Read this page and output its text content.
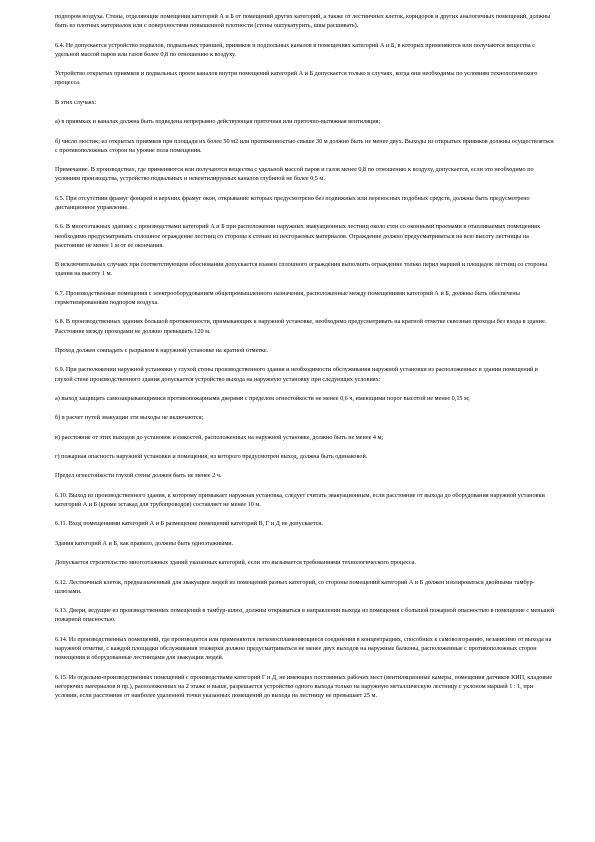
подпором воздуха. Стены, отделяющие помещения категорий А и Б от помещений других категорий, а также от лестничных клеток, коридоров и других аналогичных помещений, должны быть из плотных материалов или с поверхностями повышенной плотности (стены оштукатурить, швы расшивать).

6.4. Не допускается устройство подвалов, подвальных траншей, приямков и подпольных каналов в помещениях категорий А и Б, в которых применяются или получаются вещества с удельной массой паров или газов более 0,8 по отношению к воздуху.

Устройство открытых приямков и подвальных проем каналов внутри помещений категорий А и Б допускается только в случаях, когда они необходимы по условиям технологического процесса.

В этих случаях:

а) в приямках и каналах должна быть подведена непрерывно действующая приточная или приточно-вытяжная вентиляция;

б) число люстик; из открытых приямков при площади их более 50 м2 или протяженностью свыше 30 м должно быть не менее двух. Выходы из открытых приямков должны осуществляться с противоположных сторон на уровне пола помещения.

Примечание. В производствах, где применяются или получаются вещества с удельной массой паров и газов менее 0,8 по отношению к воздуху, допускается, если это необходимо по условиям производства, устройство подвальных и невентилируемых каналов глубиной не более 0,5 м.

6.5. При отсутствии фрамуг фонарей и верхних фрамуг окон, открывание которых предусмотрено без подвижных или переносных подобных средств, должны быть предусмотрено дистанционное управление.

6.6. В многоэтажных зданиях с производствами категорий А и Б при расположении наружных эвакуационных лестниц около стен со оконными проемами в отапливаемых помещениях необходимо предусматривать сплошное ограждение лестниц со стороны к стенам из несгораемых материалов. Ограждение должно предусматриваться на всю высоту лестницы на расстояние не менее 1 м от ее окончания.

В исключительных случаях при соответствующем обосновании допускается взамен сплошного ограждения выполнять ограждение только перил маршей и площадок лестниц со стороны здания на высоту 1 м.

6.7. Производственные помещения с электрооборудованием общепромышленного назначения, расположенные между помещениями категорий А и Б, должны быть обеспечены герметизированным подпором воздуха.

6.8. В производственных зданиях большой протяженности, примыкающих к наружной установке, необходимо предусматривать на кратной отметке сквозные проходы без входа в здание. Расстояние между проходами не должно превышать 120 м.

Проход должен совпадать с разрывом в наружной установке на кратной отметке.

6.9. При расположении наружной установки у глухой стены производственного здания и необходимости обслуживания наружной установки из расположенных в здании помещений в глухой стене производственного здания допускается устройство выхода на наружную установку при следующих условиях:

а) выход защищать самозакрывающимися противопожарными дверями с пределом огнестойкости не менее 0,6 ч, имеющими порог высотой не менее 0,15 м;

б) в расчет путей эвакуации эти выходы не включаются;

в) расстояние от этих выходов до установок и емкостей, расположенных на наружной установке, должно быть не менее 4 м;

г) пожарная опасность наружной установки и помещения, из которого предусмотрен выход, должна быть одинаковой.

Предел огнестойкости глухой стены должен быть не менее 2 ч.

6.10. Выход из производственного здания, к которому примыкает наружная установка, следует считать эвакуационным, если расстояние от выхода до оборудования наружной установки категорий А и Б (кроме эстакад для трубопроводов) составляет не менее 10 м.

6.11. Вход помещениями категорий А и Б размещение помещений категорий В, Г и Д не допускается.

Здания категорий А и Б, как правило, должны быть одноэтажными.

Допускается строительство многоэтажных зданий указанных категорий, если это вызывается требованиями технологического процесса.

6.12. Лестничный клеток, предназначенный для эвакуации людей из помещений разных категорий, со стороны помещений категорий А и Б должен изолироваться двойными тамбур-шлюзами.

6.13. Двери, ведущие из производственных помещений в тамбур-шлюз, должны открываться в направлении выхода из помещения с большой пожарной опасностью в помещение с меньшей пожарной опасностью.

6.14. Из производственных помещений, где производится или применяются легковоспламеняющиеся соединения в концентрациях, способных к самовозгоранию, независимо от выхода на наружной отметке, с каждой площадки обслуживания этажерки должно предусматриваться не менее двух выходов на наружные балконы, расположенные с противоположных сторон помещения и оборудованные лестницами для эвакуации людей.

6.15. Из отдельно-производственных помещений с производствами категорий Г и Д, не имеющих постоянных рабочих мест (вентиляционные камеры, помещения датчиков КИП, кладовые негорючих материалов и пр.), расположенных на 2 этаже и выше, разрешается устройство одного выхода только на наружную металлическую лестницу с уклоном маршей 1 : 1, при условии, если расстояние от наиболее удаленной точки указанных помещений до выхода на лестницу не превышает 25 м.
